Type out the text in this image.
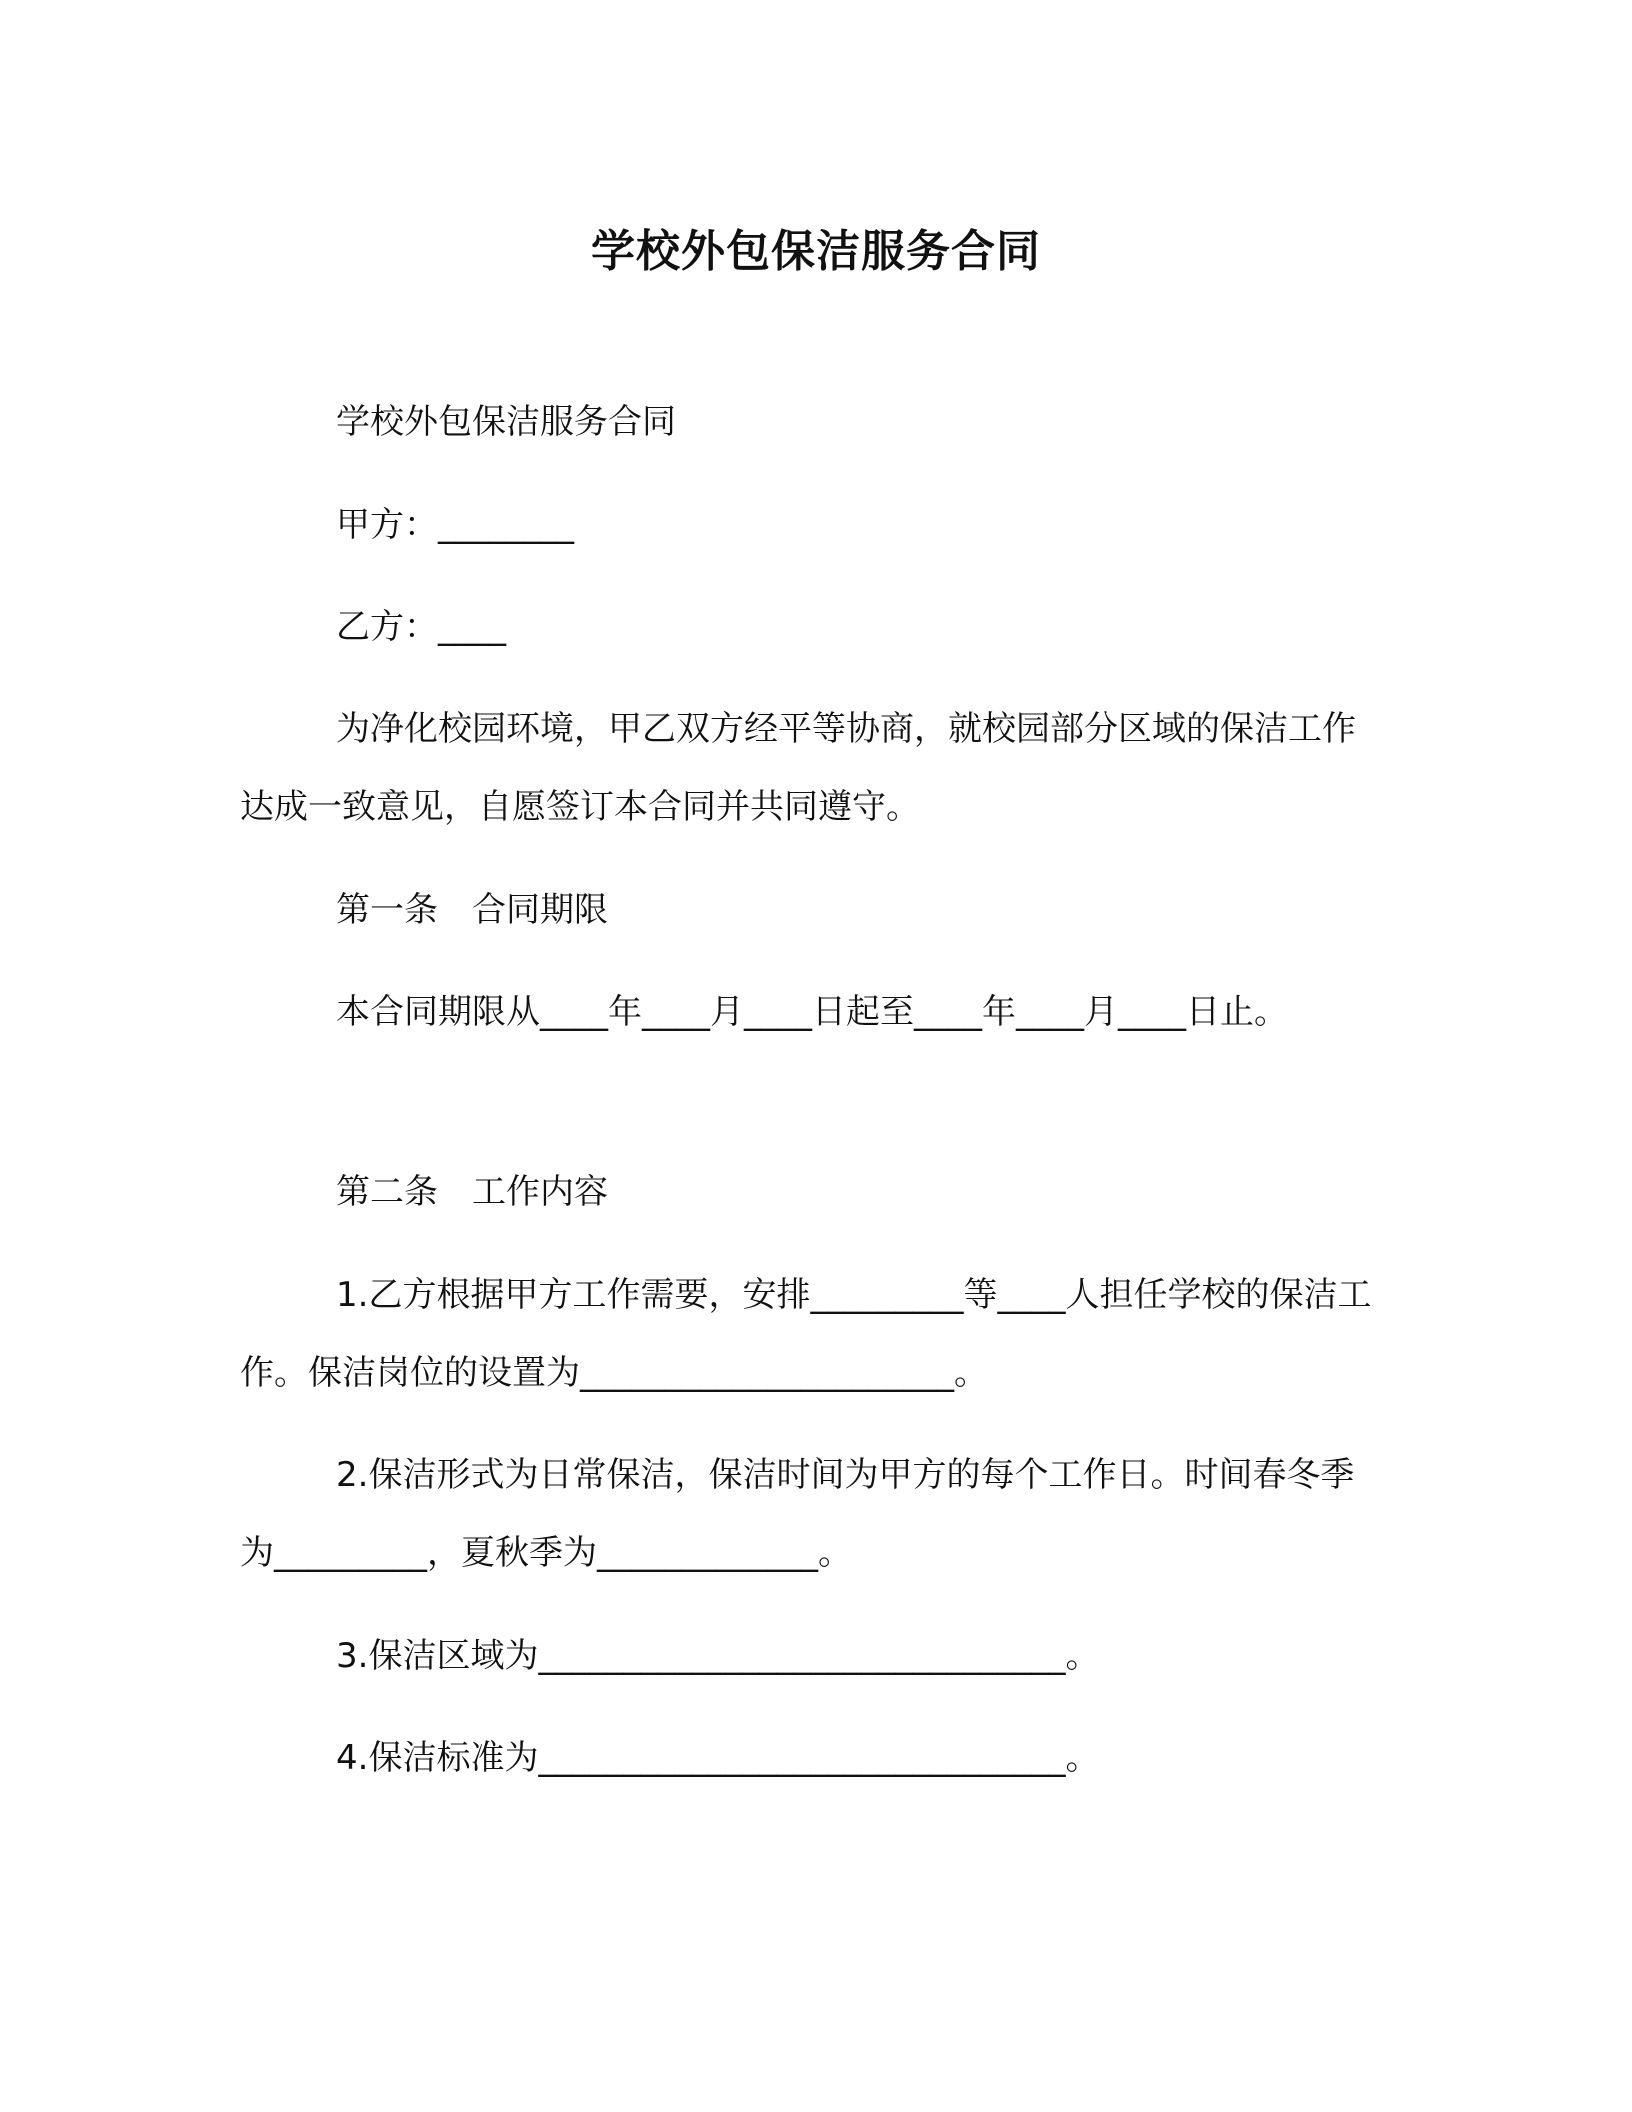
学校外包保洁服务合同

学校外包保洁服务合同

甲方：________

乙方：____

为净化校园环境，甲乙双方经平等协商，就校园部分区域的保洁工作达成一致意见，自愿签订本合同并共同遵守。

第一条　合同期限

本合同期限从____年____月____日起至____年____月____日止。

第二条　工作内容

1.乙方根据甲方工作需要，安排_________等____人担任学校的保洁工作。保洁岗位的设置为______________________。

2.保洁形式为日常保洁，保洁时间为甲方的每个工作日。时间春冬季为_________，夏秋季为_____________。

3.保洁区域为_______________________________。

4.保洁标准为_______________________________。
